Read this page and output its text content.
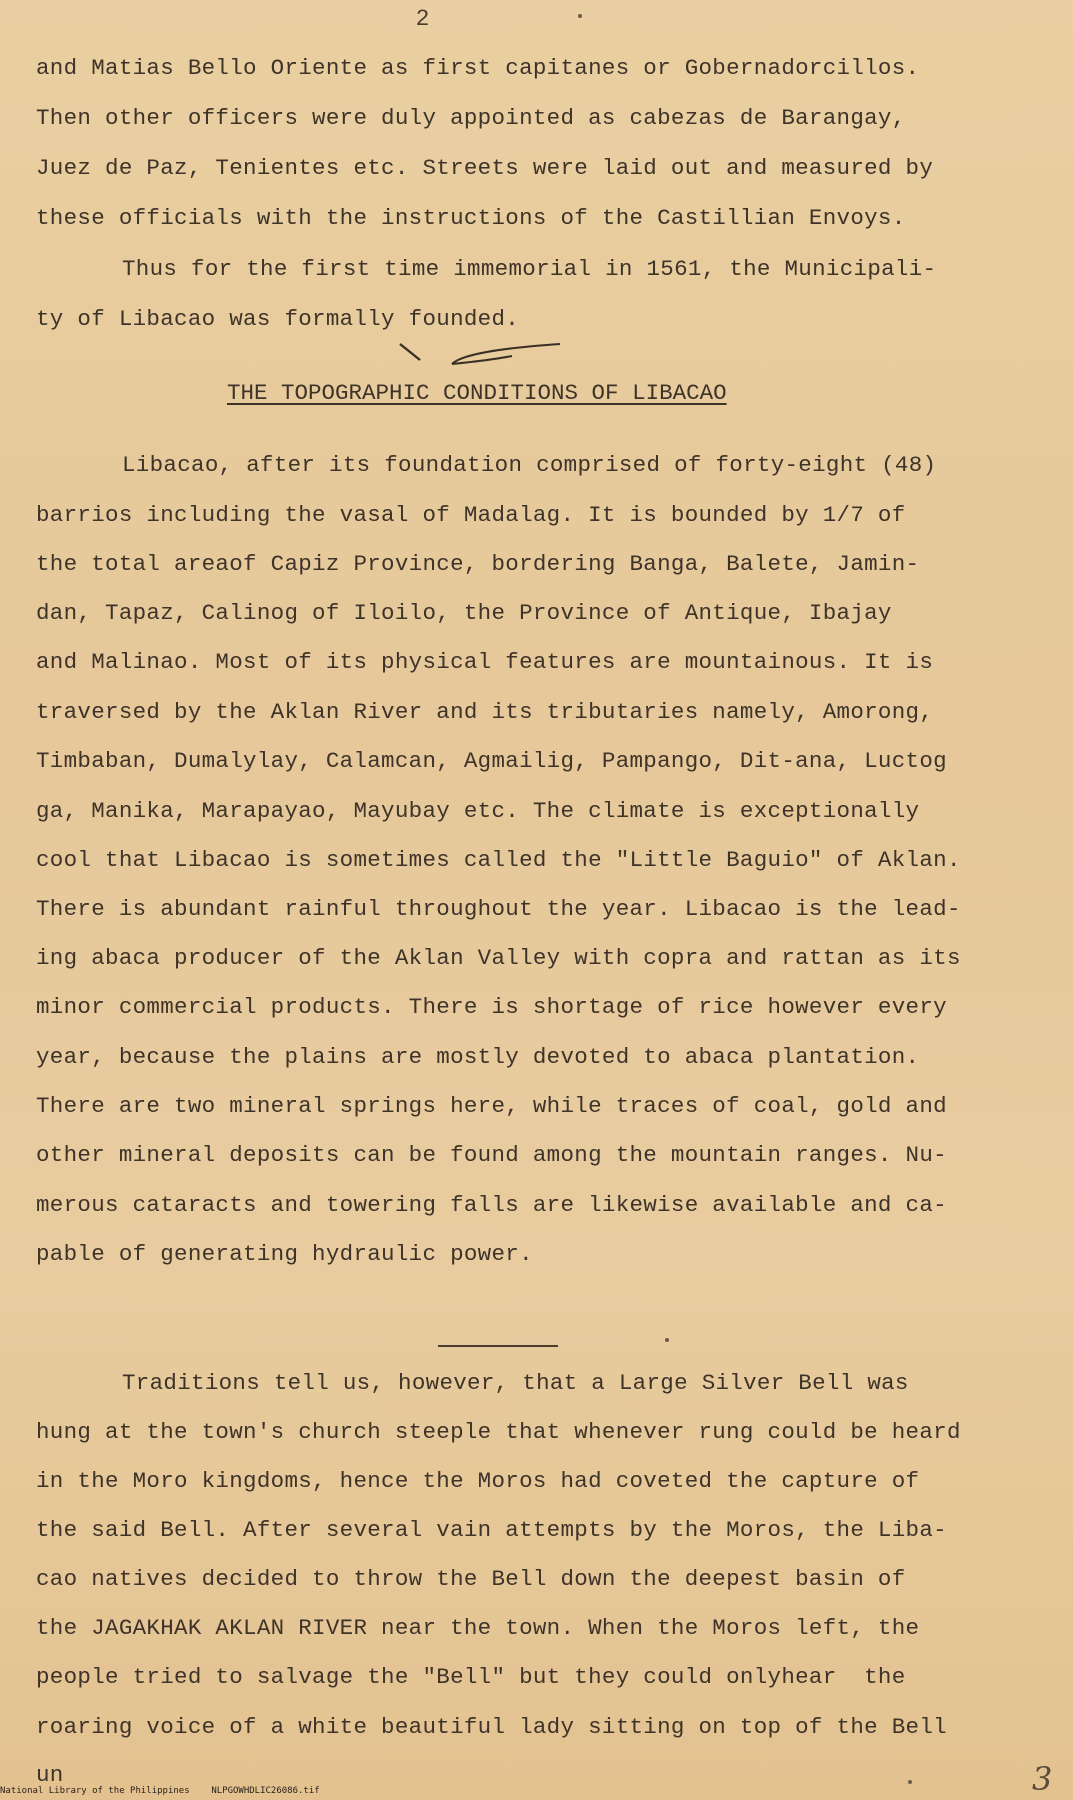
2
and Matias Bello Oriente as first capitanes or Gobernadorcillos.
Then other officers were duly appointed as cabezas de Barangay,
Juez de Paz, Tenientes etc. Streets were laid out and measured by
these officials with the instructions of the Castillian Envoys.
Thus for the first time immemorial in 1561, the Municipali-
ty of Libacao was formally founded.
THE TOPOGRAPHIC CONDITIONS OF LIBACAO
Libacao, after its foundation comprised of forty-eight (48)
barrios including the vasal of Madalag. It is bounded by 1/7 of
the total areaof Capiz Province, bordering Banga, Balete, Jamin-
dan, Tapaz, Calinog of Iloilo, the Province of Antique, Ibajay
and Malinao. Most of its physical features are mountainous. It is
traversed by the Aklan River and its tributaries namely, Amorong,
Timbaban, Dumalylay, Calamcan, Agmailig, Pampango, Dit-ana, Luctog
ga, Manika, Marapayao, Mayubay etc. The climate is exceptionally
cool that Libacao is sometimes called the "Little Baguio" of Aklan.
There is abundant rainful throughout the year. Libacao is the lead-
ing abaca producer of the Aklan Valley with copra and rattan as its
minor commercial products. There is shortage of rice however every
year, because the plains are mostly devoted to abaca plantation.
There are two mineral springs here, while traces of coal, gold and
other mineral deposits can be found among the mountain ranges. Nu-
merous cataracts and towering falls are likewise available and ca-
pable of generating hydraulic power.
Traditions tell us, however, that a Large Silver Bell was
hung at the town's church steeple that whenever rung could be heard
in the Moro kingdoms, hence the Moros had coveted the capture of
the said Bell. After several vain attempts by the Moros, the Liba-
cao natives decided to throw the Bell down the deepest basin of
the JAGAKHAK AKLAN RIVER near the town. When the Moros left, the
people tried to salvage the "Bell" but they could onlyhear  the
roaring voice of a white beautiful lady sitting on top of the Bell
un	3
National Library of the Philippines    NLPGOWHDLIC26086.tif
